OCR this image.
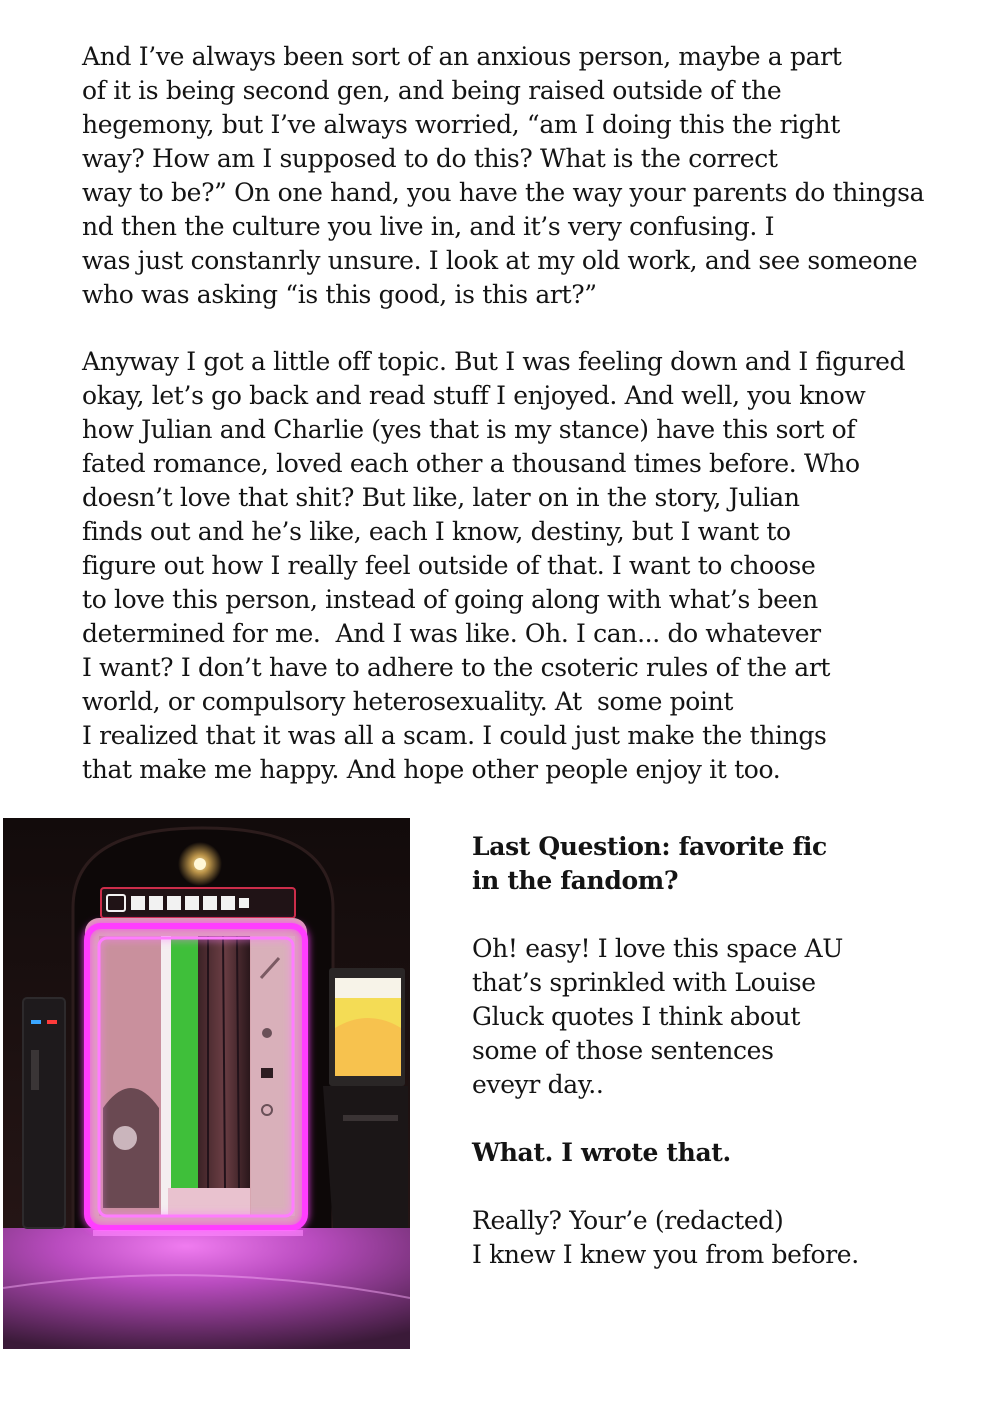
And I’ve always been sort of an anxious person, maybe a part
of it is being second gen, and being raised outside of the
hegemony, but I’ve always worried, “am I doing this the right
way? How am I supposed to do this? What is the correct
way to be?” On one hand, you have the way your parents do thingsa
nd then the culture you live in, and it’s very confusing. I
was just constanrly unsure. I look at my old work, and see someone
who was asking “is this good, is this art?”
Anyway I got a little off topic. But I was feeling down and I figured
okay, let’s go back and read stuff I enjoyed. And well, you know
how Julian and Charlie (yes that is my stance) have this sort of
fated romance, loved each other a thousand times before. Who
doesn’t love that shit? But like, later on in the story, Julian
finds out and he’s like, each I know, destiny, but I want to
figure out how I really feel outside of that. I want to choose
to love this person, instead of going along with what’s been
determined for me.  And I was like. Oh. I can... do whatever
I want? I don’t have to adhere to the csoteric rules of the art
world, or compulsory heterosexuality. At  some point
I realized that it was all a scam. I could just make the things
that make me happy. And hope other people enjoy it too.
Last Question: favorite fic
in the fandom?
Oh! easy! I love this space AU
that’s sprinkled with Louise
Gluck quotes I think about
some of those sentences
eveyr day..
What. I wrote that.
Really? Your’e (redacted)
I knew I knew you from before.
